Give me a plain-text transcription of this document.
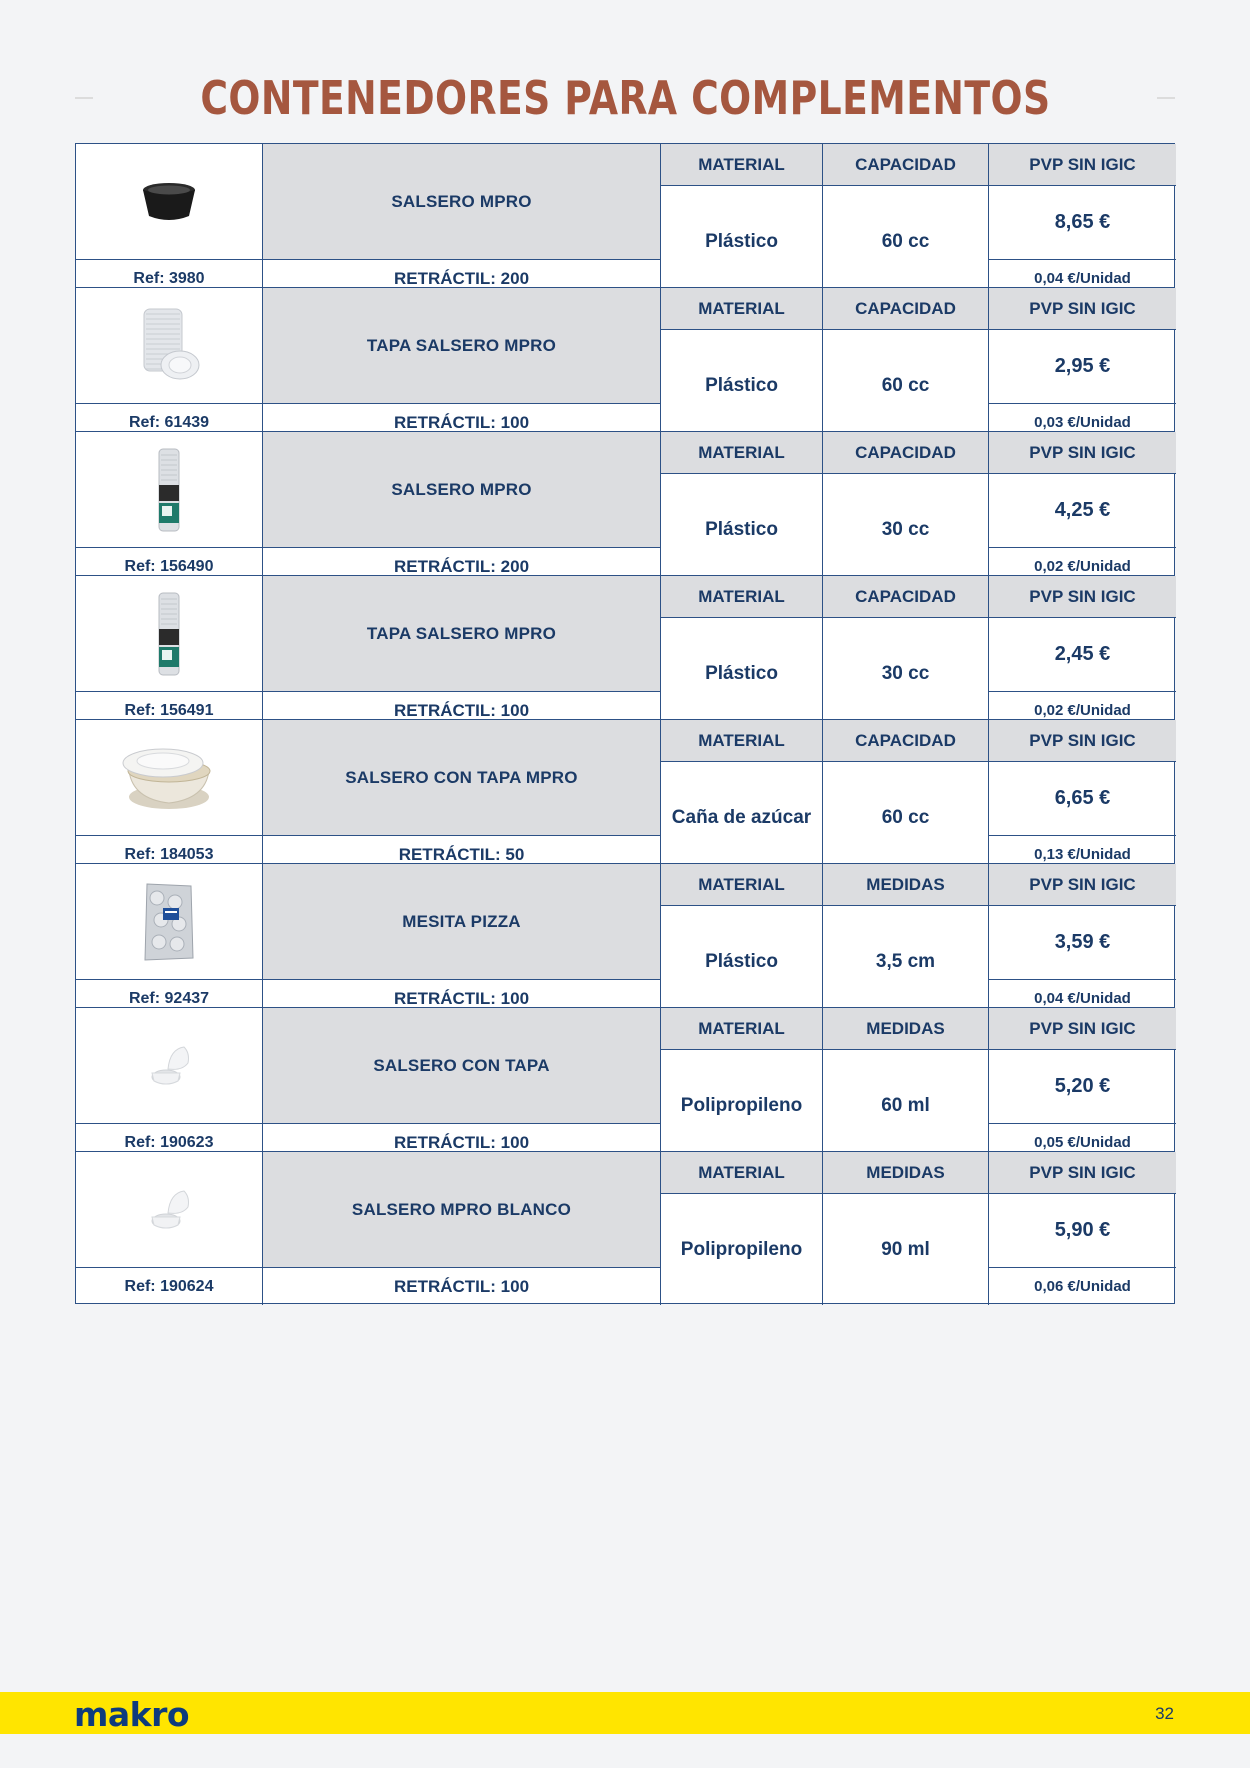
CONTENEDORES PARA COMPLEMENTOS
SALSERO MPRO
MATERIAL	CAPACIDAD	PVP SIN IGIC
Ref: 3980	RETRÁCTIL: 200
Plástico	60 cc
8,65 €
0,04 €/Unidad
TAPA SALSERO MPRO
MATERIAL	CAPACIDAD	PVP SIN IGIC
Ref: 61439	RETRÁCTIL: 100
Plástico	60 cc
2,95 €
0,03 €/Unidad
SALSERO MPRO
MATERIAL	CAPACIDAD	PVP SIN IGIC
Ref: 156490	RETRÁCTIL: 200
Plástico	30 cc
4,25 €
0,02 €/Unidad
TAPA SALSERO MPRO
MATERIAL	CAPACIDAD	PVP SIN IGIC
Ref: 156491	RETRÁCTIL: 100
Plástico	30 cc
2,45 €
0,02 €/Unidad
SALSERO CON TAPA MPRO
MATERIAL	CAPACIDAD	PVP SIN IGIC
Ref: 184053	RETRÁCTIL: 50
Caña de azúcar	60 cc
6,65 €
0,13 €/Unidad
MESITA PIZZA
MATERIAL	MEDIDAS	PVP SIN IGIC
Ref: 92437	RETRÁCTIL: 100
Plástico	3,5 cm
3,59 €
0,04 €/Unidad
SALSERO CON TAPA
MATERIAL	MEDIDAS	PVP SIN IGIC
Ref: 190623	RETRÁCTIL: 100
Polipropileno	60 ml
5,20 €
0,05 €/Unidad
SALSERO MPRO BLANCO
MATERIAL	MEDIDAS	PVP SIN IGIC
Ref: 190624	RETRÁCTIL: 100
Polipropileno	90 ml
5,90 €
0,06 €/Unidad
makro	32
